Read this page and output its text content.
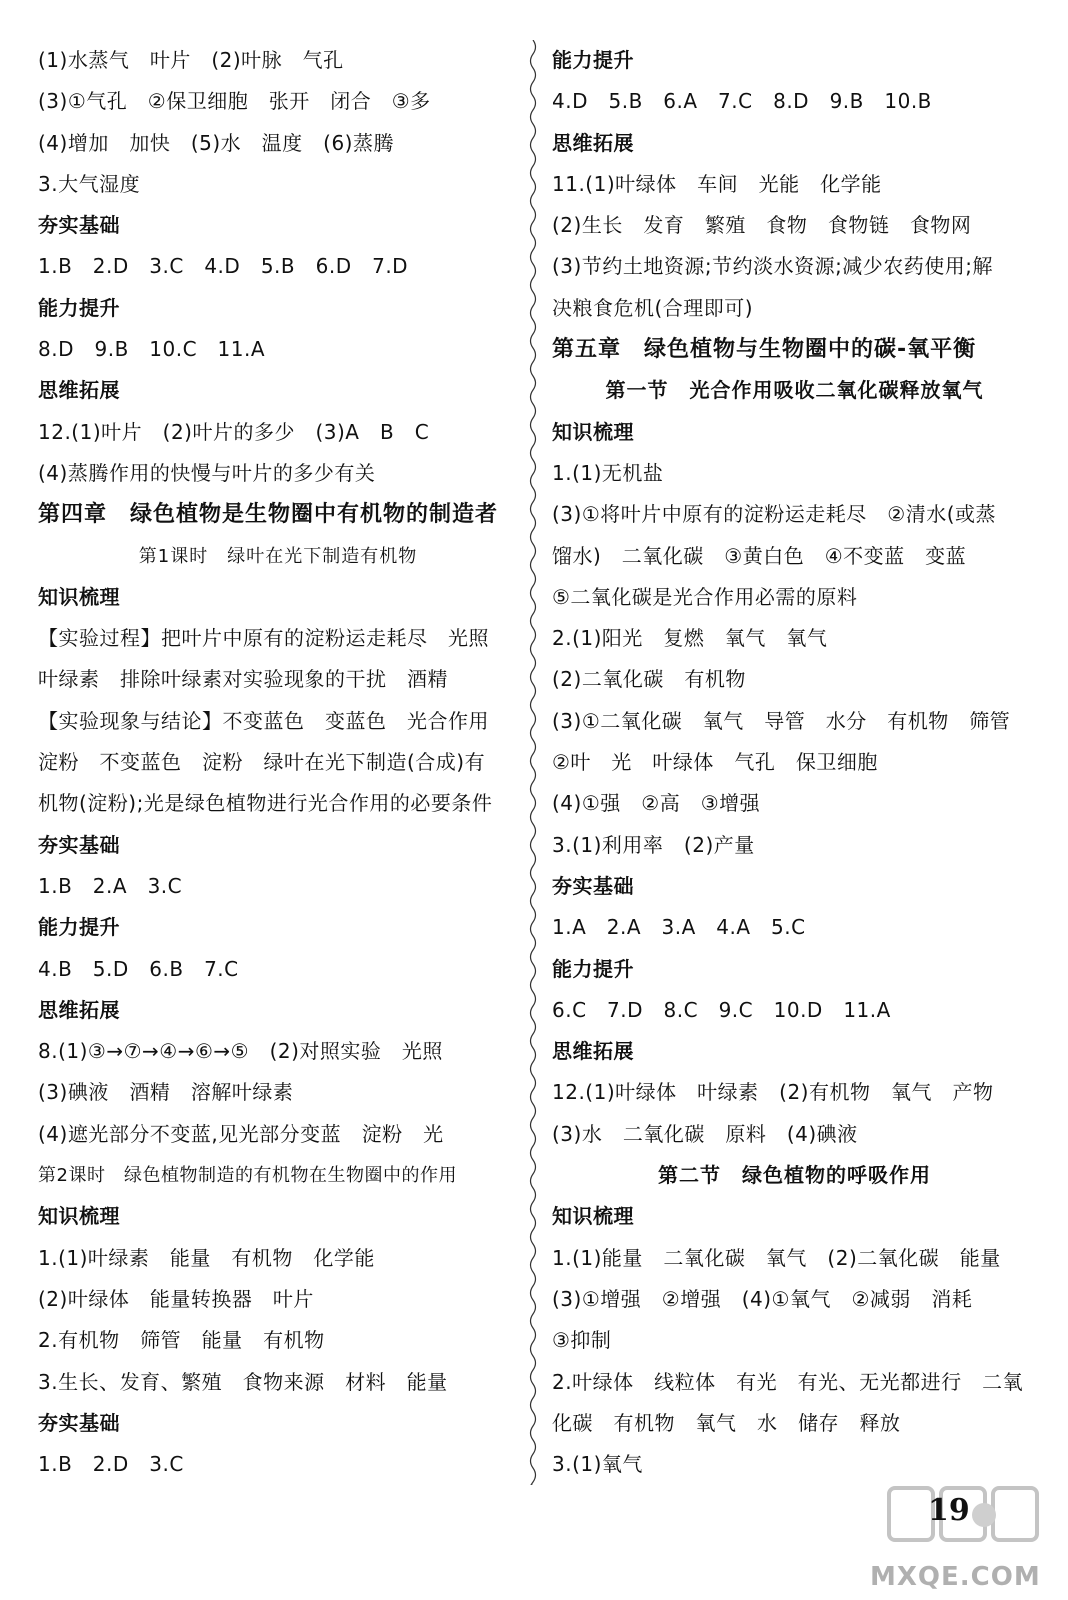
(1)水蒸气　叶片　(2)叶脉　气孔
(3)①气孔　②保卫细胞　张开　闭合　③多
(4)增加　加快　(5)水　温度　(6)蒸腾
3.大气湿度
夯实基础
1.B　2.D　3.C　4.D　5.B　6.D　7.D
能力提升
8.D　9.B　10.C　11.A
思维拓展
12.(1)叶片　(2)叶片的多少　(3)A　B　C
(4)蒸腾作用的快慢与叶片的多少有关
第四章　绿色植物是生物圈中有机物的制造者
第1课时　绿叶在光下制造有机物
知识梳理
【实验过程】把叶片中原有的淀粉运走耗尽　光照
叶绿素　排除叶绿素对实验现象的干扰　酒精
【实验现象与结论】不变蓝色　变蓝色　光合作用
淀粉　不变蓝色　淀粉　绿叶在光下制造(合成)有
机物(淀粉);光是绿色植物进行光合作用的必要条件
夯实基础
1.B　2.A　3.C
能力提升
4.B　5.D　6.B　7.C
思维拓展
8.(1)③→⑦→④→⑥→⑤　(2)对照实验　光照
(3)碘液　酒精　溶解叶绿素
(4)遮光部分不变蓝,见光部分变蓝　淀粉　光
第2课时　绿色植物制造的有机物在生物圈中的作用
知识梳理
1.(1)叶绿素　能量　有机物　化学能
(2)叶绿体　能量转换器　叶片
2.有机物　筛管　能量　有机物
3.生长、发育、繁殖　食物来源　材料　能量
夯实基础
1.B　2.D　3.C
能力提升
4.D　5.B　6.A　7.C　8.D　9.B　10.B
思维拓展
11.(1)叶绿体　车间　光能　化学能
(2)生长　发育　繁殖　食物　食物链　食物网
(3)节约土地资源;节约淡水资源;减少农药使用;解
决粮食危机(合理即可)
第五章　绿色植物与生物圈中的碳-氧平衡
第一节　光合作用吸收二氧化碳释放氧气
知识梳理
1.(1)无机盐
(3)①将叶片中原有的淀粉运走耗尽　②清水(或蒸
馏水)　二氧化碳　③黄白色　④不变蓝　变蓝
⑤二氧化碳是光合作用必需的原料
2.(1)阳光　复燃　氧气　氧气
(2)二氧化碳　有机物
(3)①二氧化碳　氧气　导管　水分　有机物　筛管
②叶　光　叶绿体　气孔　保卫细胞
(4)①强　②高　③增强
3.(1)利用率　(2)产量
夯实基础
1.A　2.A　3.A　4.A　5.C
能力提升
6.C　7.D　8.C　9.C　10.D　11.A
思维拓展
12.(1)叶绿体　叶绿素　(2)有机物　氧气　产物
(3)水　二氧化碳　原料　(4)碘液
第二节　绿色植物的呼吸作用
知识梳理
1.(1)能量　二氧化碳　氧气　(2)二氧化碳　能量
(3)①增强　②增强　(4)①氧气　②减弱　消耗
③抑制
2.叶绿体　线粒体　有光　有光、无光都进行　二氧
化碳　有机物　氧气　水　储存　释放
3.(1)氧气
19
MXQE.COM
